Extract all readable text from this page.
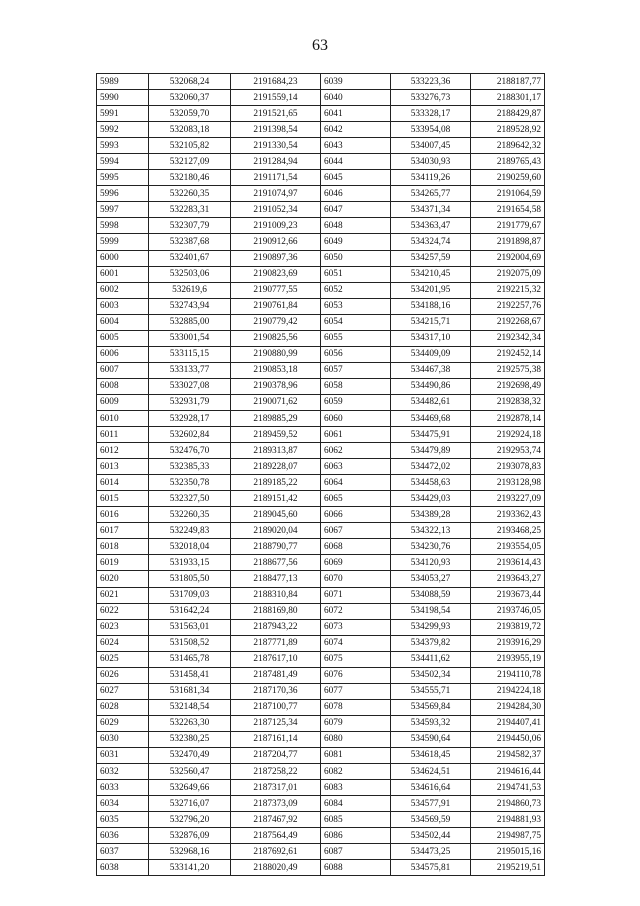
63
5989	532068,24	2191684,23	6039	533223,36	2188187,77
5990	532060,37	2191559,14	6040	533276,73	2188301,17
5991	532059,70	2191521,65	6041	533328,17	2188429,87
5992	532083,18	2191398,54	6042	533954,08	2189528,92
5993	532105,82	2191330,54	6043	534007,45	2189642,32
5994	532127,09	2191284,94	6044	534030,93	2189765,43
5995	532180,46	2191171,54	6045	534119,26	2190259,60
5996	532260,35	2191074,97	6046	534265,77	2191064,59
5997	532283,31	2191052,34	6047	534371,34	2191654,58
5998	532307,79	2191009,23	6048	534363,47	2191779,67
5999	532387,68	2190912,66	6049	534324,74	2191898,87
6000	532401,67	2190897,36	6050	534257,59	2192004,69
6001	532503,06	2190823,69	6051	534210,45	2192075,09
6002	532619,6	2190777,55	6052	534201,95	2192215,32
6003	532743,94	2190761,84	6053	534188,16	2192257,76
6004	532885,00	2190779,42	6054	534215,71	2192268,67
6005	533001,54	2190825,56	6055	534317,10	2192342,34
6006	533115,15	2190880,99	6056	534409,09	2192452,14
6007	533133,77	2190853,18	6057	534467,38	2192575,38
6008	533027,08	2190378,96	6058	534490,86	2192698,49
6009	532931,79	2190071,62	6059	534482,61	2192838,32
6010	532928,17	2189885,29	6060	534469,68	2192878,14
6011	532602,84	2189459,52	6061	534475,91	2192924,18
6012	532476,70	2189313,87	6062	534479,89	2192953,74
6013	532385,33	2189228,07	6063	534472,02	2193078,83
6014	532350,78	2189185,22	6064	534458,63	2193128,98
6015	532327,50	2189151,42	6065	534429,03	2193227,09
6016	532260,35	2189045,60	6066	534389,28	2193362,43
6017	532249,83	2189020,04	6067	534322,13	2193468,25
6018	532018,04	2188790,77	6068	534230,76	2193554,05
6019	531933,15	2188677,56	6069	534120,93	2193614,43
6020	531805,50	2188477,13	6070	534053,27	2193643,27
6021	531709,03	2188310,84	6071	534088,59	2193673,44
6022	531642,24	2188169,80	6072	534198,54	2193746,05
6023	531563,01	2187943,22	6073	534299,93	2193819,72
6024	531508,52	2187771,89	6074	534379,82	2193916,29
6025	531465,78	2187617,10	6075	534411,62	2193955,19
6026	531458,41	2187481,49	6076	534502,34	2194110,78
6027	531681,34	2187170,36	6077	534555,71	2194224,18
6028	532148,54	2187100,77	6078	534569,84	2194284,30
6029	532263,30	2187125,34	6079	534593,32	2194407,41
6030	532380,25	2187161,14	6080	534590,64	2194450,06
6031	532470,49	2187204,77	6081	534618,45	2194582,37
6032	532560,47	2187258,22	6082	534624,51	2194616,44
6033	532649,66	2187317,01	6083	534616,64	2194741,53
6034	532716,07	2187373,09	6084	534577,91	2194860,73
6035	532796,20	2187467,92	6085	534569,59	2194881,93
6036	532876,09	2187564,49	6086	534502,44	2194987,75
6037	532968,16	2187692,61	6087	534473,25	2195015,16
6038	533141,20	2188020,49	6088	534575,81	2195219,51
